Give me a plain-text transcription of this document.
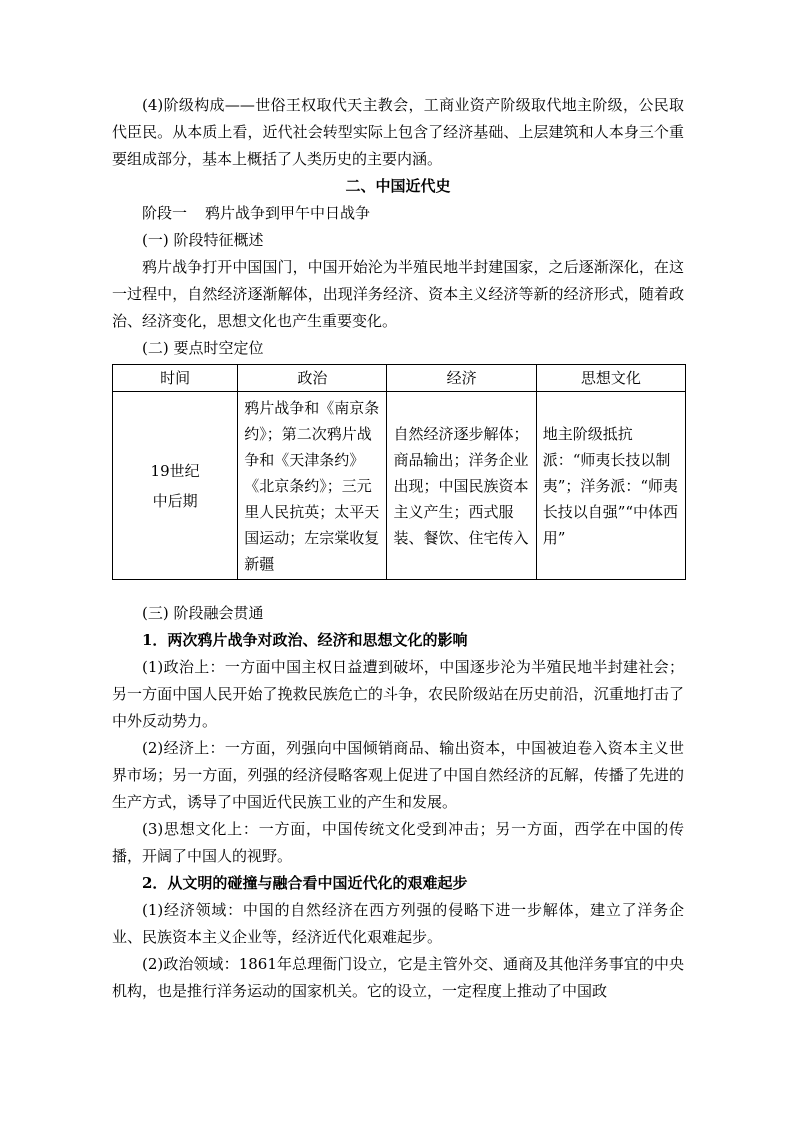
(4)阶级构成——世俗王权取代天主教会，工商业资产阶级取代地主阶级，公民取代臣民。从本质上看，近代社会转型实际上包含了经济基础、上层建筑和人本身三个重要组成部分，基本上概括了人类历史的主要内涵。

二、中国近代史

阶段一 鸦片战争到甲午中日战争

(一) 阶段特征概述

鸦片战争打开中国国门，中国开始沦为半殖民地半封建国家，之后逐渐深化，在这一过程中，自然经济逐渐解体，出现洋务经济、资本主义经济等新的经济形式，随着政治、经济变化，思想文化也产生重要变化。

(二) 要点时空定位

时间	政治	经济	思想文化

19世纪中后期	鸦片战争和《南京条约》；第二次鸦片战争和《天津条约》《北京条约》；三元里人民抗英；太平天国运动；左宗棠收复新疆	自然经济逐步解体；商品输出；洋务企业出现；中国民族资本主义产生；西式服装、餐饮、住宅传入	地主阶级抵抗派：“师夷长技以制夷”；洋务派：“师夷长技以自强”“中体西用”

(三) 阶段融会贯通

1．两次鸦片战争对政治、经济和思想文化的影响

(1)政治上：一方面中国主权日益遭到破坏，中国逐步沦为半殖民地半封建社会；另一方面中国人民开始了挽救民族危亡的斗争，农民阶级站在历史前沿，沉重地打击了中外反动势力。

(2)经济上：一方面，列强向中国倾销商品、输出资本，中国被迫卷入资本主义世界市场；另一方面，列强的经济侵略客观上促进了中国自然经济的瓦解，传播了先进的生产方式，诱导了中国近代民族工业的产生和发展。

(3)思想文化上：一方面，中国传统文化受到冲击；另一方面，西学在中国的传播，开阔了中国人的视野。

2．从文明的碰撞与融合看中国近代化的艰难起步

(1)经济领域：中国的自然经济在西方列强的侵略下进一步解体，建立了洋务企业、民族资本主义企业等，经济近代化艰难起步。

(2)政治领域：1861年总理衙门设立，它是主管外交、通商及其他洋务事宜的中央机构，也是推行洋务运动的国家机关。它的设立，一定程度上推动了中国政
